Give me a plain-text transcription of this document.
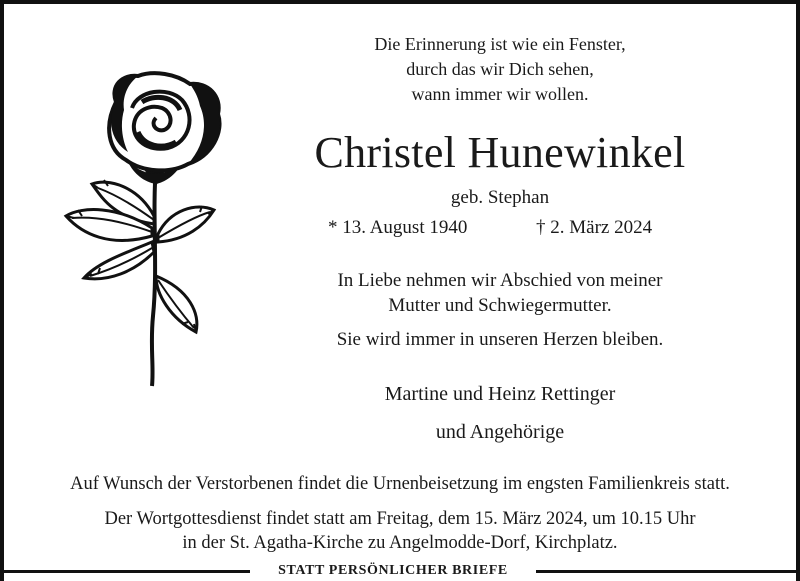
Die Erinnerung ist wie ein Fenster,
durch das wir Dich sehen,
wann immer wir wollen.
Christel Hunewinkel
geb. Stephan
* 13. August 1940	† 2. März 2024
In Liebe nehmen wir Abschied von meiner
Mutter und Schwiegermutter.
Sie wird immer in unseren Herzen bleiben.
Martine und Heinz Rettinger
und Angehörige
Auf Wunsch der Verstorbenen findet die Urnenbeisetzung im engsten Familienkreis statt.
Der Wortgottesdienst findet statt am Freitag, dem 15. März 2024, um 10.15 Uhr
in der St. Agatha-Kirche zu Angelmodde-Dorf, Kirchplatz.
STATT PERSÖNLICHER BRIEFE
